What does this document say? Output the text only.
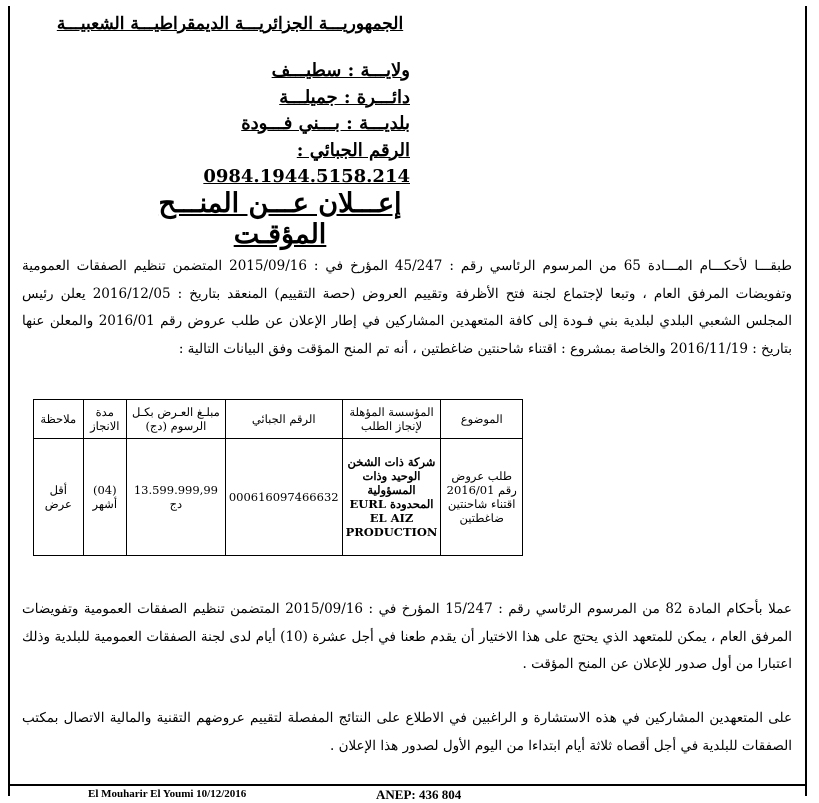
الجمهوريـــة الجزائريـــة الديمقراطيـــة الشعبيـــة
ولايـــة : سطيـــف
دائـــرة : جميلـــة
بلديـــة : بـــني فـــودة
الرقم الجبائي : 0984.1944.5158.214
إعـــلان عـــن المنـــح المؤقـت
طبقـــا لأحكـــام المـــادة 65 من المرسوم الرئاسي رقم : 45/247 المؤرخ في : 2015/09/16 المتضمن تنظيم الصفقات العمومية وتفويضات المرفق العام ، وتبعا لإجتماع لجنة فتح الأظرفة وتقييم العروض (حصة التقييم) المنعقد بتاريخ : 2016/12/05 يعلن رئيس المجلس الشعبي البلدي لبلدية بني فـودة إلى كافة المتعهدين المشاركين في إطار الإعلان عن طلب عروض رقم 2016/01 والمعلن عنها بتاريخ : 2016/11/19 والخاصة بمشروع : اقتناء شاحنتين ضاغطتين ، أنه تم المنح المؤقت وفق البيانات التالية :
الموضوع	المؤسسة المؤهلة لإنجاز الطلب	الرقم الجبائي	مبلـغ العـرض بكـل الرسوم (دج)	مدة الانجاز	ملاحظة
طلب عروض رقم 2016/01 اقتناء شاحنتين ضاغطتين	شركة ذات الشخن الوحيد وذات المسؤولية المحدودة EURL EL AIZ PRODUCTION	000616097466632	13.599.999,99 دج	(04) أشهر	أقل عرض
عملا بأحكام المادة 82 من المرسوم الرئاسي رقم : 15/247 المؤرخ في : 2015/09/16 المتضمن تنظيم الصفقات العمومية وتفويضات المرفق العام ، يمكن للمتعهد الذي يحتج على هذا الاختيار أن يقدم طعنا في أجل عشرة (10) أيام لدى لجنة الصفقات العمومية للبلدية وذلك اعتبارا من أول صدور للإعلان عن المنح المؤقت .
على المتعهدين المشاركين في هذه الاستشارة و الراغبين في الاطلاع على النتائج المفصلة لتقييم عروضهم التقنية والمالية الاتصال بمكتب الصفقات للبلدية في أجل أقصاه ثلاثة أيام ابتداءا من اليوم الأول لصدور هذا الإعلان .
El Mouharir El Youmi 10/12/2016	ANEP: 436 804
